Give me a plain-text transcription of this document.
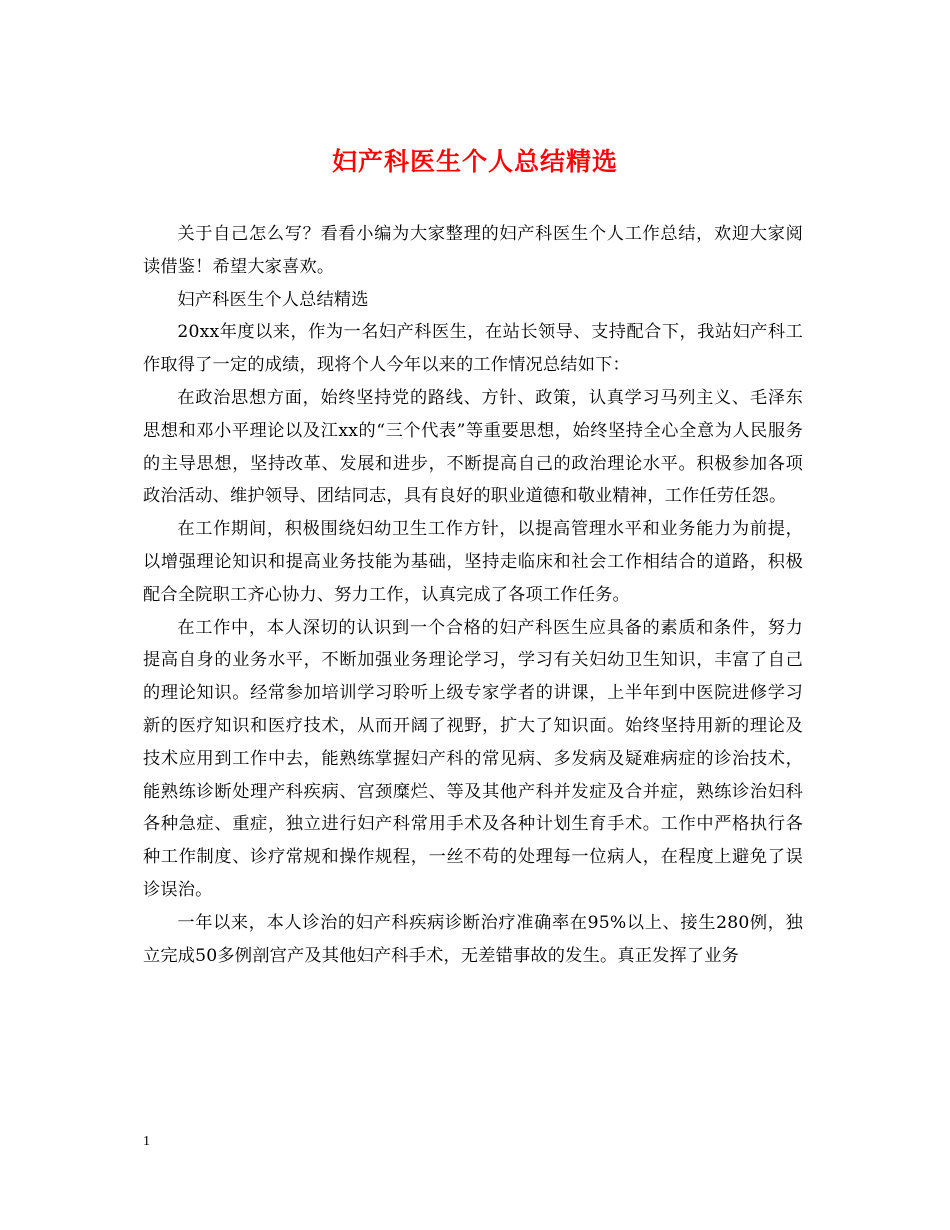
妇产科医生个人总结精选

关于自己怎么写？看看小编为大家整理的妇产科医生个人工作总结，欢迎大家阅读借鉴！希望大家喜欢。

妇产科医生个人总结精选

20xx年度以来，作为一名妇产科医生，在站长领导、支持配合下，我站妇产科工作取得了一定的成绩，现将个人今年以来的工作情况总结如下：

在政治思想方面，始终坚持党的路线、方针、政策，认真学习马列主义、毛泽东思想和邓小平理论以及江xx的“三个代表”等重要思想，始终坚持全心全意为人民服务的主导思想，坚持改革、发展和进步，不断提高自己的政治理论水平。积极参加各项政治活动、维护领导、团结同志，具有良好的职业道德和敬业精神，工作任劳任怨。

在工作期间，积极围绕妇幼卫生工作方针，以提高管理水平和业务能力为前提，以增强理论知识和提高业务技能为基础，坚持走临床和社会工作相结合的道路，积极配合全院职工齐心协力、努力工作，认真完成了各项工作任务。

在工作中，本人深切的认识到一个合格的妇产科医生应具备的素质和条件，努力提高自身的业务水平，不断加强业务理论学习，学习有关妇幼卫生知识，丰富了自己的理论知识。经常参加培训学习聆听上级专家学者的讲课，上半年到中医院进修学习新的医疗知识和医疗技术，从而开阔了视野，扩大了知识面。始终坚持用新的理论及技术应用到工作中去，能熟练掌握妇产科的常见病、多发病及疑难病症的诊治技术，能熟练诊断处理产科疾病、宫颈糜烂、等及其他产科并发症及合并症，熟练诊治妇科各种急症、重症，独立进行妇产科常用手术及各种计划生育手术。工作中严格执行各种工作制度、诊疗常规和操作规程，一丝不苟的处理每一位病人，在程度上避免了误诊误治。

一年以来，本人诊治的妇产科疾病诊断治疗准确率在95%以上、接生280例，独立完成50多例剖宫产及其他妇产科手术，无差错事故的发生。真正发挥了业务

1
